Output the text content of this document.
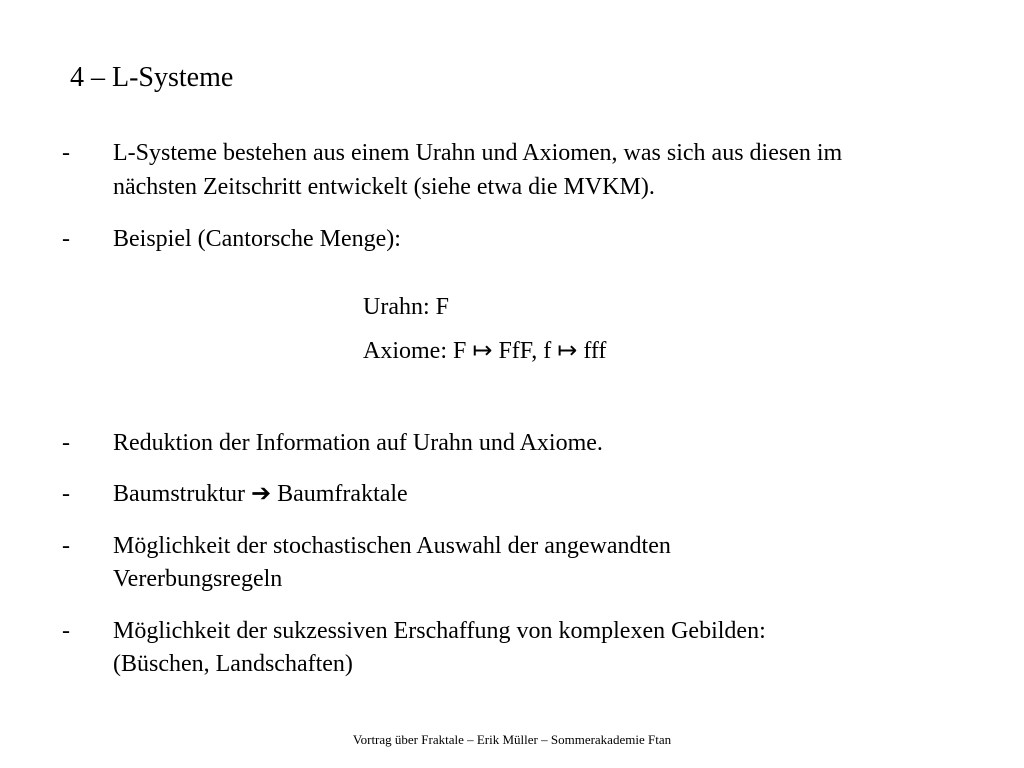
4 – L-Systeme
- L-Systeme bestehen aus einem Urahn und Axiomen, was sich aus diesen im
nächsten Zeitschritt entwickelt (siehe etwa die MVKM).
- Beispiel (Cantorsche Menge):
Urahn: F
Axiome: F ↦ FfF, f ↦ fff
- Reduktion der Information auf Urahn und Axiome.
- Baumstruktur ➔ Baumfraktale
- Möglichkeit der stochastischen Auswahl der angewandten
Vererbungsregeln
- Möglichkeit der sukzessiven Erschaffung von komplexen Gebilden:
(Büschen, Landschaften)
Vortrag über Fraktale – Erik Müller – Sommerakademie Ftan
